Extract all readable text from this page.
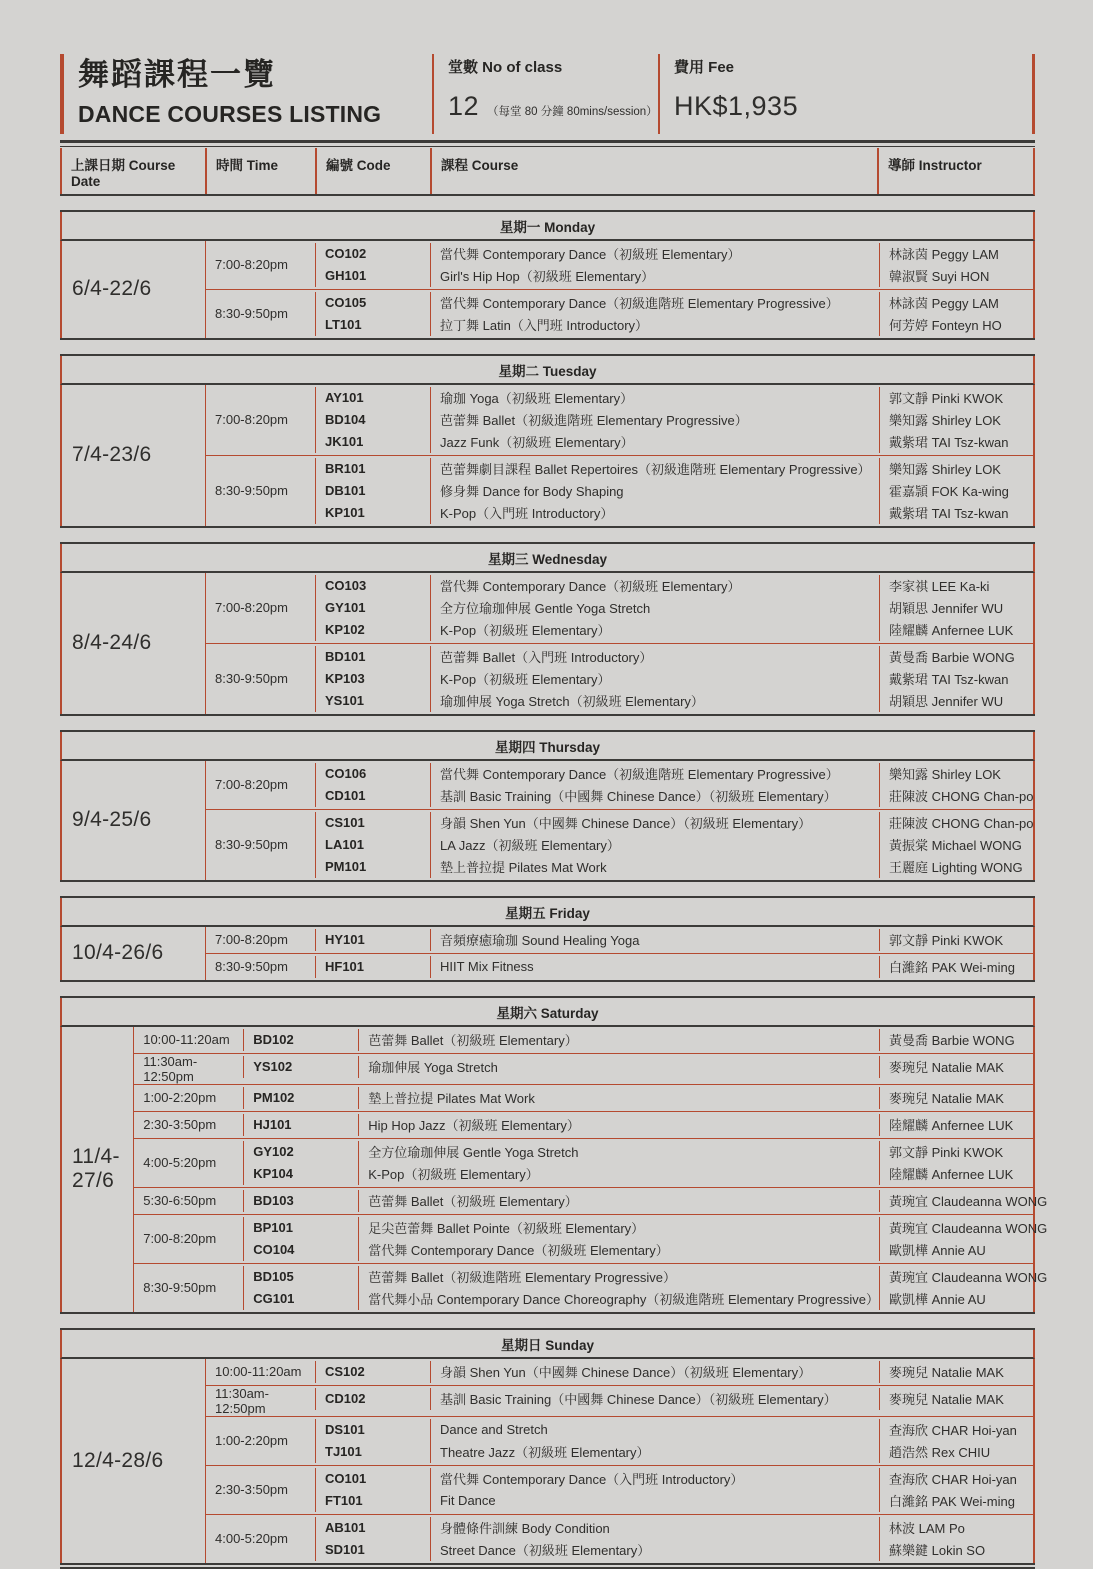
舞蹈課程一覽
DANCE COURSES LISTING
堂數 No of class
12 （每堂 80 分鐘 80mins/session）
費用 Fee
HK$1,935
上課日期 Course Date
時間 Time	編號 Code	課程 Course	導師 Instructor
星期一 Monday
6/4-22/6
7:00-8:20pm
CO102	當代舞 Contemporary Dance（初級班 Elementary）	林詠茵 Peggy LAM
GH101	Girl's Hip Hop（初級班 Elementary）	韓淑賢 Suyi HON
8:30-9:50pm
CO105	當代舞 Contemporary Dance（初級進階班 Elementary Progressive）	林詠茵 Peggy LAM
LT101	拉丁舞 Latin（入門班 Introductory）	何芳婷 Fonteyn HO
星期二 Tuesday
7/4-23/6
7:00-8:20pm
AY101	瑜珈 Yoga（初級班 Elementary）	郭文靜 Pinki KWOK
BD104	芭蕾舞 Ballet（初級進階班 Elementary Progressive）	樂知露 Shirley LOK
JK101	Jazz Funk（初級班 Elementary）	戴紫珺 TAI Tsz-kwan
8:30-9:50pm
BR101	芭蕾舞劇目課程 Ballet Repertoires（初級進階班 Elementary Progressive）	樂知露 Shirley LOK
DB101	修身舞 Dance for Body Shaping	霍嘉頴 FOK Ka-wing
KP101	K-Pop（入門班 Introductory）	戴紫珺 TAI Tsz-kwan
星期三 Wednesday
8/4-24/6
7:00-8:20pm
CO103	當代舞 Contemporary Dance（初級班 Elementary）	李家祺 LEE Ka-ki
GY101	全方位瑜珈伸展 Gentle Yoga Stretch	胡穎思 Jennifer WU
KP102	K-Pop（初級班 Elementary）	陸耀麟 Anfernee LUK
8:30-9:50pm
BD101	芭蕾舞 Ballet（入門班 Introductory）	黃曼喬 Barbie WONG
KP103	K-Pop（初級班 Elementary）	戴紫珺 TAI Tsz-kwan
YS101	瑜珈伸展 Yoga Stretch（初級班 Elementary）	胡穎思 Jennifer WU
星期四 Thursday
9/4-25/6
7:00-8:20pm
CO106	當代舞 Contemporary Dance（初級進階班 Elementary Progressive）	樂知露 Shirley LOK
CD101	基訓 Basic Training（中國舞 Chinese Dance）（初級班 Elementary）	莊陳波 CHONG Chan-po
8:30-9:50pm
CS101	身韻 Shen Yun（中國舞 Chinese Dance）（初級班 Elementary）	莊陳波 CHONG Chan-po
LA101	LA Jazz（初級班 Elementary）	黃振棠 Michael WONG
PM101	墊上普拉提 Pilates Mat Work	王麗庭 Lighting WONG
星期五 Friday
10/4-26/6
7:00-8:20pm	HY101	音頻療癒瑜珈 Sound Healing Yoga	郭文靜 Pinki KWOK
8:30-9:50pm	HF101	HIIT Mix Fitness	白濰銘 PAK Wei-ming
星期六 Saturday
11/4-27/6
10:00-11:20am	BD102	芭蕾舞 Ballet（初級班 Elementary）	黃曼喬 Barbie WONG
11:30am-12:50pm
YS102	瑜珈伸展 Yoga Stretch	麥琬兒 Natalie MAK
1:00-2:20pm	PM102	墊上普拉提 Pilates Mat Work	麥琬兒 Natalie MAK
2:30-3:50pm	HJ101	Hip Hop Jazz（初級班 Elementary）	陸耀麟 Anfernee LUK
4:00-5:20pm
GY102	全方位瑜珈伸展 Gentle Yoga Stretch	郭文靜 Pinki KWOK
KP104	K-Pop（初級班 Elementary）	陸耀麟 Anfernee LUK
5:30-6:50pm	BD103	芭蕾舞 Ballet（初級班 Elementary）	黃琬宜 Claudeanna WONG
7:00-8:20pm
BP101	足尖芭蕾舞 Ballet Pointe（初級班 Elementary）	黃琬宜 Claudeanna WONG
CO104	當代舞 Contemporary Dance（初級班 Elementary）	歐凱樺 Annie AU
8:30-9:50pm
BD105	芭蕾舞 Ballet（初級進階班 Elementary Progressive）	黃琬宜 Claudeanna WONG
CG101	當代舞小品 Contemporary Dance Choreography（初級進階班 Elementary Progressive） 歐凱樺 Annie AU
星期日 Sunday
12/4-28/6
10:00-11:20am	CS102	身韻 Shen Yun（中國舞 Chinese Dance）（初級班 Elementary）	麥琬兒 Natalie MAK
11:30am-12:50pm
CD102	基訓 Basic Training（中國舞 Chinese Dance）（初級班 Elementary）	麥琬兒 Natalie MAK
1:00-2:20pm
DS101	Dance and Stretch	查海欣 CHAR Hoi-yan
TJ101	Theatre Jazz（初級班 Elementary）	趙浩然 Rex CHIU
2:30-3:50pm
CO101	當代舞 Contemporary Dance（入門班 Introductory）	查海欣 CHAR Hoi-yan
FT101	Fit Dance	白濰銘 PAK Wei-ming
4:00-5:20pm
AB101	身體條件訓練 Body Condition	林波 LAM Po
SD101	Street Dance（初級班 Elementary）	蘇樂鍵 Lokin SO
